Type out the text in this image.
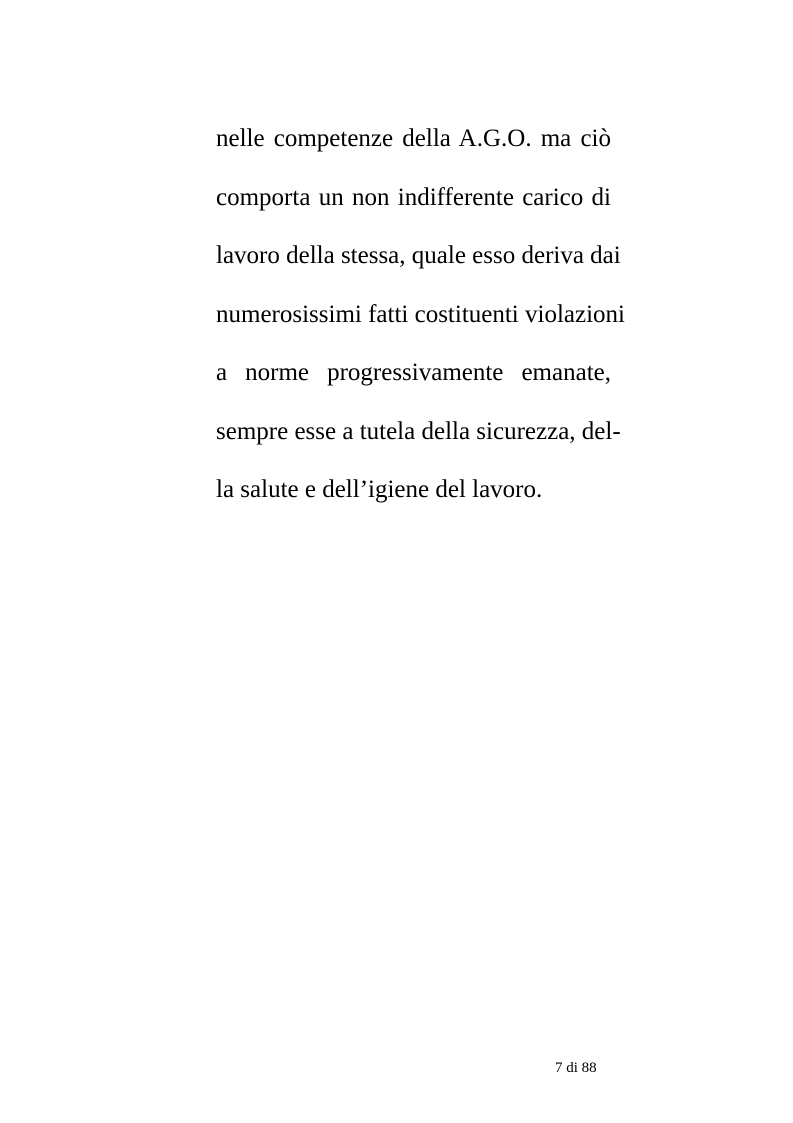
nelle competenze della A.G.O. ma ciò
comporta un non indifferente carico di
lavoro della stessa, quale esso deriva dai
numerosissimi fatti costituenti violazioni
a norme progressivamente emanate,
sempre esse a tutela della sicurezza, del-
la salute e dell’igiene del lavoro.
7 di 88
